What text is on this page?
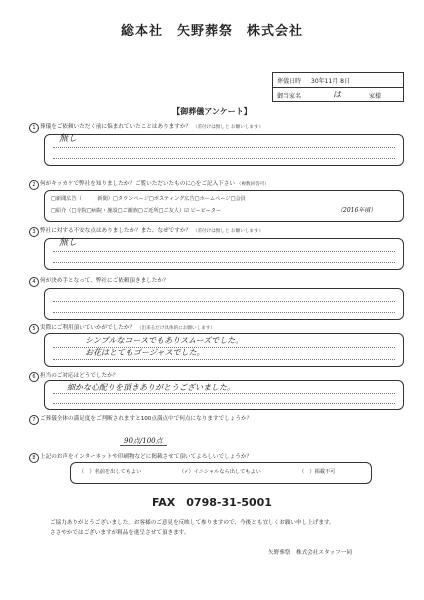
総本社　矢野葬祭　株式会社
葬儀日時 30年11月 8日
御当家名	は	家様
【御葬儀アンケート】
1 葬儀をご依頼いただく前に悩まれていたことはありますか？ （差付けは無しと お願いします）
無し
2 何がキッカケで弊社を知りましたか？ご覧いただいたものに○をご記入下さい （複数回答可）
□新聞広告（　　　新聞）□タウンページ□ポスティング広告□ホームページ□会員
□紹介（□寺院□病院・施設□ご親族□ご近所□ご友人）☑ ビーピーター	（2016年頃）
3 弊社に対する不安な点はありましたか？また、なぜですか？ （差付けは無しと お願いします）
無し
4 何が決め手となって、弊社にご依頼頂きましたか？
5 実際にご利用頂いていかがでしたか？ （出来るだけ具体的にお願いします）
シンプルなコースでもありスムーズでした。
お花はとてもゴージャスでした。
6 担当のご対応はどうでしたか？
細かな心配りを頂きありがとうございました。
7 ご葬儀全体の満足度をご判断されますと100点満点中で何点になりますでしょうか？
90点/100点
8 上記のお声をインターネットや印刷物などに掲載させて頂いてよろしいでしょうか？
（　）名前を出してもよい	（✓）イニシャルなら出してもよい	（　）掲載不可
FAX　0798-31-5001
ご協力ありがとうございました。お客様のご意見を反映して参りますので、今後とも宜しくお願い申し上げます。
ささやかではございますが粗品を進呈させて頂きます。
矢野葬祭　株式会社スタッフ一同
